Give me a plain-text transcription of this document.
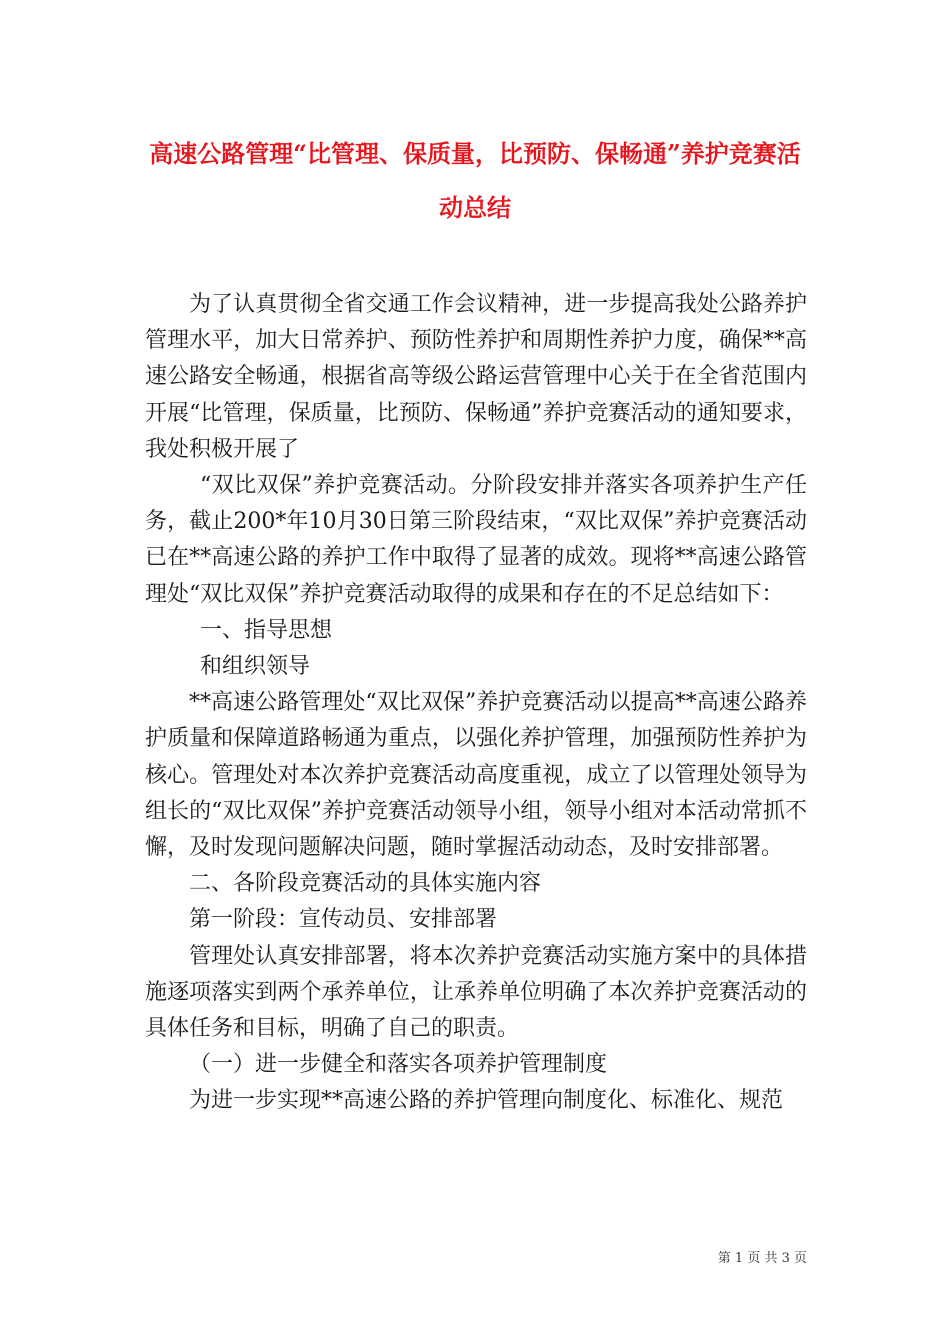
高速公路管理“比管理、保质量，比预防、保畅通”养护竞赛活动总结

为了认真贯彻全省交通工作会议精神，进一步提高我处公路养护管理水平，加大日常养护、预防性养护和周期性养护力度，确保**高速公路安全畅通，根据省高等级公路运营管理中心关于在全省范围内开展“比管理，保质量，比预防、保畅通”养护竞赛活动的通知要求，我处积极开展了

“双比双保”养护竞赛活动。分阶段安排并落实各项养护生产任务，截止200*年10月30日第三阶段结束，“双比双保”养护竞赛活动已在**高速公路的养护工作中取得了显著的成效。现将**高速公路管理处“双比双保”养护竞赛活动取得的成果和存在的不足总结如下：

一、指导思想

和组织领导

**高速公路管理处“双比双保”养护竞赛活动以提高**高速公路养护质量和保障道路畅通为重点，以强化养护管理，加强预防性养护为核心。管理处对本次养护竞赛活动高度重视，成立了以管理处领导为组长的“双比双保”养护竞赛活动领导小组，领导小组对本活动常抓不懈，及时发现问题解决问题，随时掌握活动动态，及时安排部署。

二、各阶段竞赛活动的具体实施内容

第一阶段：宣传动员、安排部署

管理处认真安排部署，将本次养护竞赛活动实施方案中的具体措施逐项落实到两个承养单位，让承养单位明确了本次养护竞赛活动的具体任务和目标，明确了自己的职责。

（一）进一步健全和落实各项养护管理制度

为进一步实现**高速公路的养护管理向制度化、标准化、规范

第 1 页 共 3 页
